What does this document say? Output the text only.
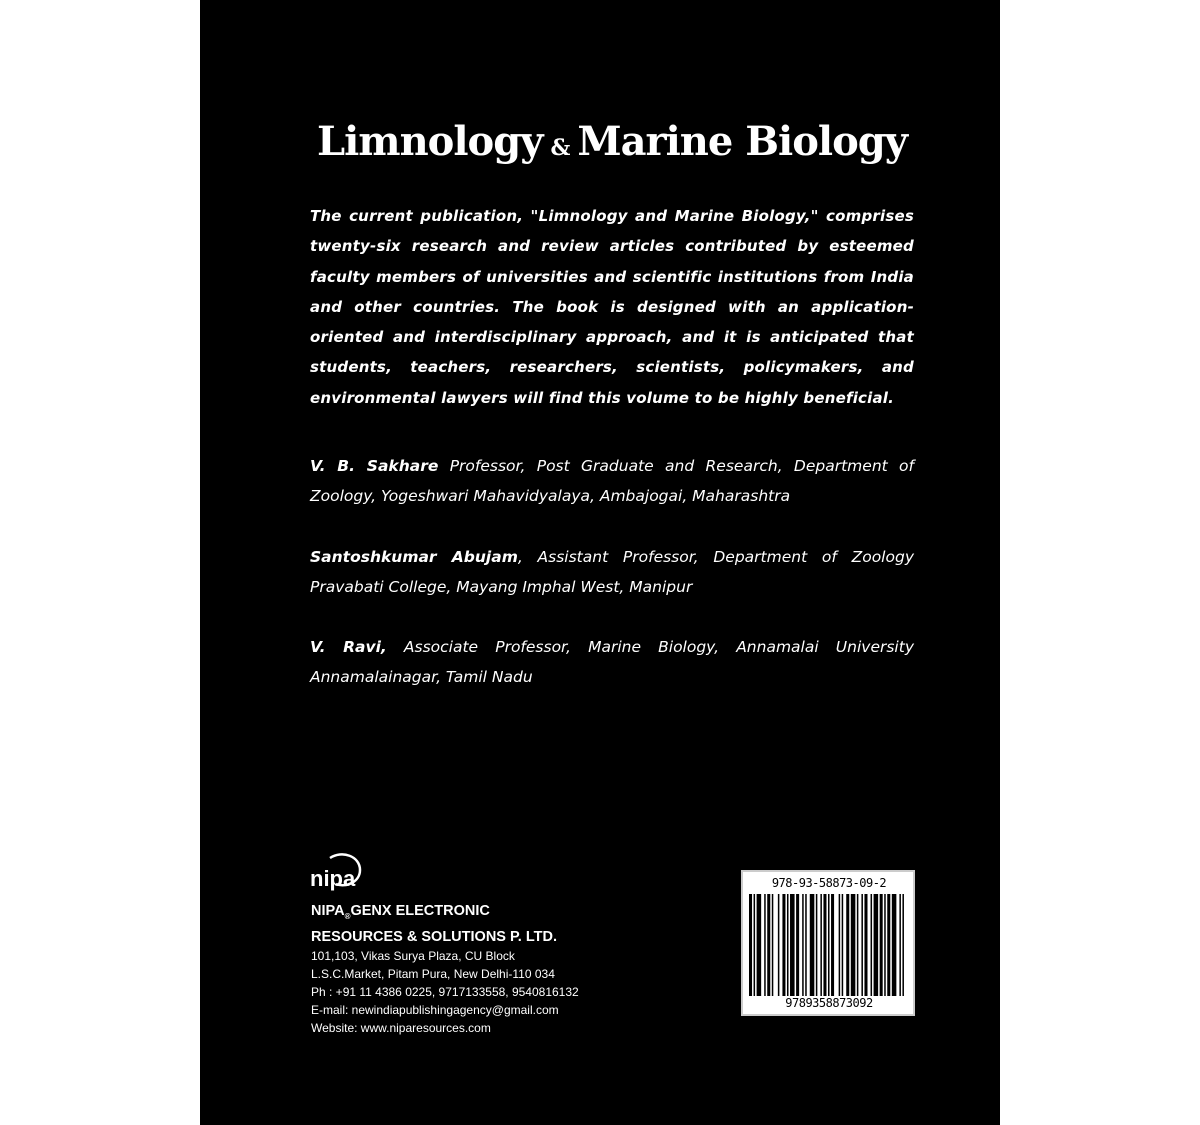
Limnology & Marine Biology
The current publication, "Limnology and Marine Biology," comprises twenty-six research and review articles contributed by esteemed faculty members of universities and scientific institutions from India and other countries. The book is designed with an application-oriented and interdisciplinary approach, and it is anticipated that students, teachers, researchers, scientists, policymakers, and environmental lawyers will find this volume to be highly beneficial.
V. B. Sakhare Professor, Post Graduate and Research, Department of Zoology, Yogeshwari Mahavidyalaya, Ambajogai, Maharashtra
Santoshkumar Abujam, Assistant Professor, Department of Zoology Pravabati College, Mayang Imphal West, Manipur
V. Ravi, Associate Professor, Marine Biology, Annamalai University Annamalainagar, Tamil Nadu
nipa
$NIPA_®GENX$ ELECTRONIC
RESOURCES & SOLUTIONS P. LTD.
101,103, Vikas Surya Plaza, CU Block
L.S.C.Market, Pitam Pura, New Delhi-110 034
Ph : +91 11 4386 0225, 9717133558, 9540816132
E-mail: newindiapublishingagency@gmail.com
Website: www.niparesources.com
978-93-58873-09-2
9789358873092
